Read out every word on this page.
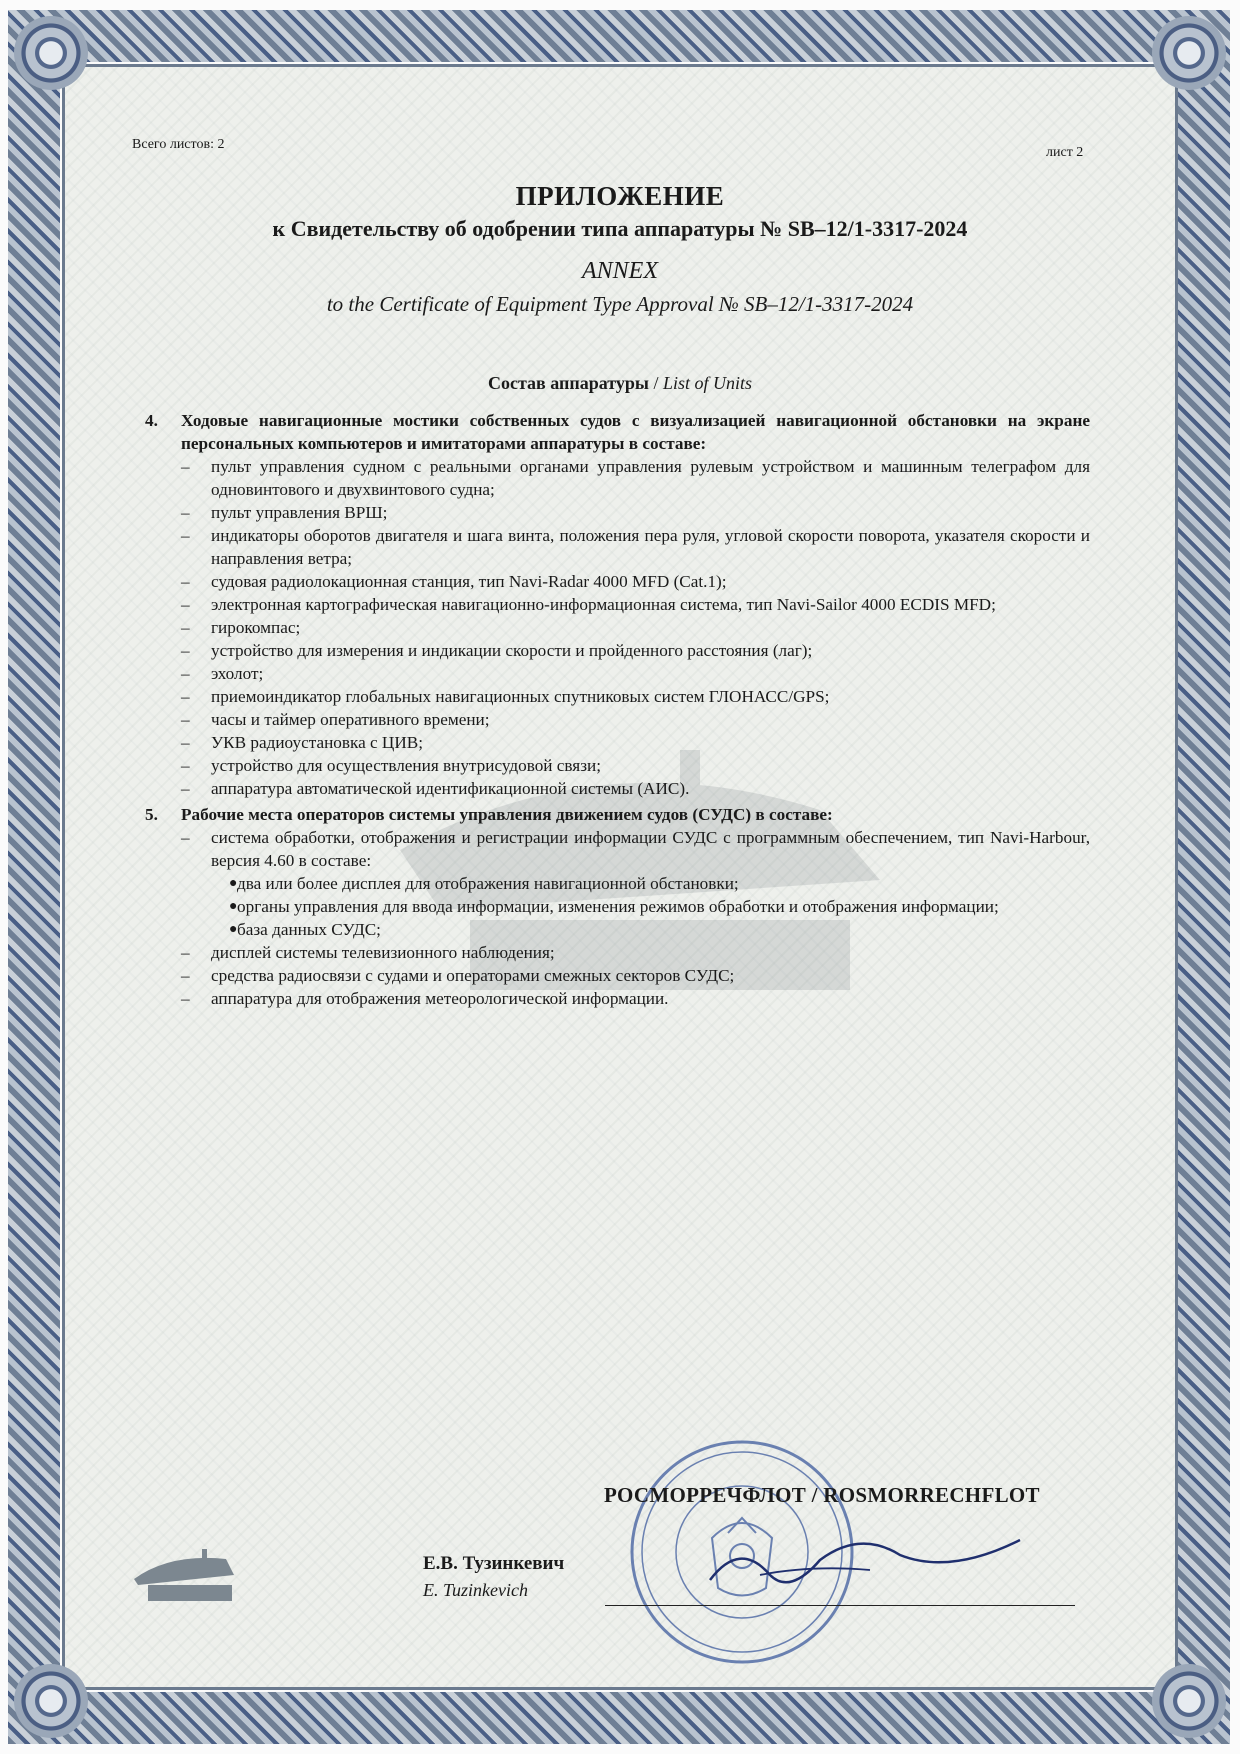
Всего листов: 2
лист 2
ПРИЛОЖЕНИЕ
к Свидетельству об одобрении типа аппаратуры № SB–12/1-3317-2024
ANNEX
to the Certificate of Equipment Type Approval № SB–12/1-3317-2024
Состав аппаратуры / List of Units
4. Ходовые навигационные мостики собственных судов с визуализацией навигационной обстановки на экране персональных компьютеров и имитаторами аппаратуры в составе:
– пульт управления судном с реальными органами управления рулевым устройством и машинным телеграфом для одновинтового и двухвинтового судна;
– пульт управления ВРШ;
– индикаторы оборотов двигателя и шага винта, положения пера руля, угловой скорости поворота, указателя скорости и направления ветра;
– судовая радиолокационная станция, тип Navi-Radar 4000 MFD (Cat.1);
– электронная картографическая навигационно-информационная система, тип Navi-Sailor 4000 ECDIS MFD;
– гирокомпас;
– устройство для измерения и индикации скорости и пройденного расстояния (лаг);
– эхолот;
– приемоиндикатор глобальных навигационных спутниковых систем ГЛОНАСС/GPS;
– часы и таймер оперативного времени;
– УКВ радиоустановка с ЦИВ;
– устройство для осуществления внутрисудовой связи;
– аппаратура автоматической идентификационной системы (АИС).
5. Рабочие места операторов системы управления движением судов (СУДС) в составе:
– система обработки, отображения и регистрации информации СУДС с программным обеспечением, тип Navi-Harbour, версия 4.60 в составе:
● два или более дисплея для отображения навигационной обстановки;
● органы управления для ввода информации, изменения режимов обработки и отображения информации;
● база данных СУДС;
– дисплей системы телевизионного наблюдения;
– средства радиосвязи с судами и операторами смежных секторов СУДС;
– аппаратура для отображения метеорологической информации.
РОСМОРРЕЧФЛОТ / ROSMORRECHFLOT
Е.В. Тузинкевич
E. Tuzinkevich
